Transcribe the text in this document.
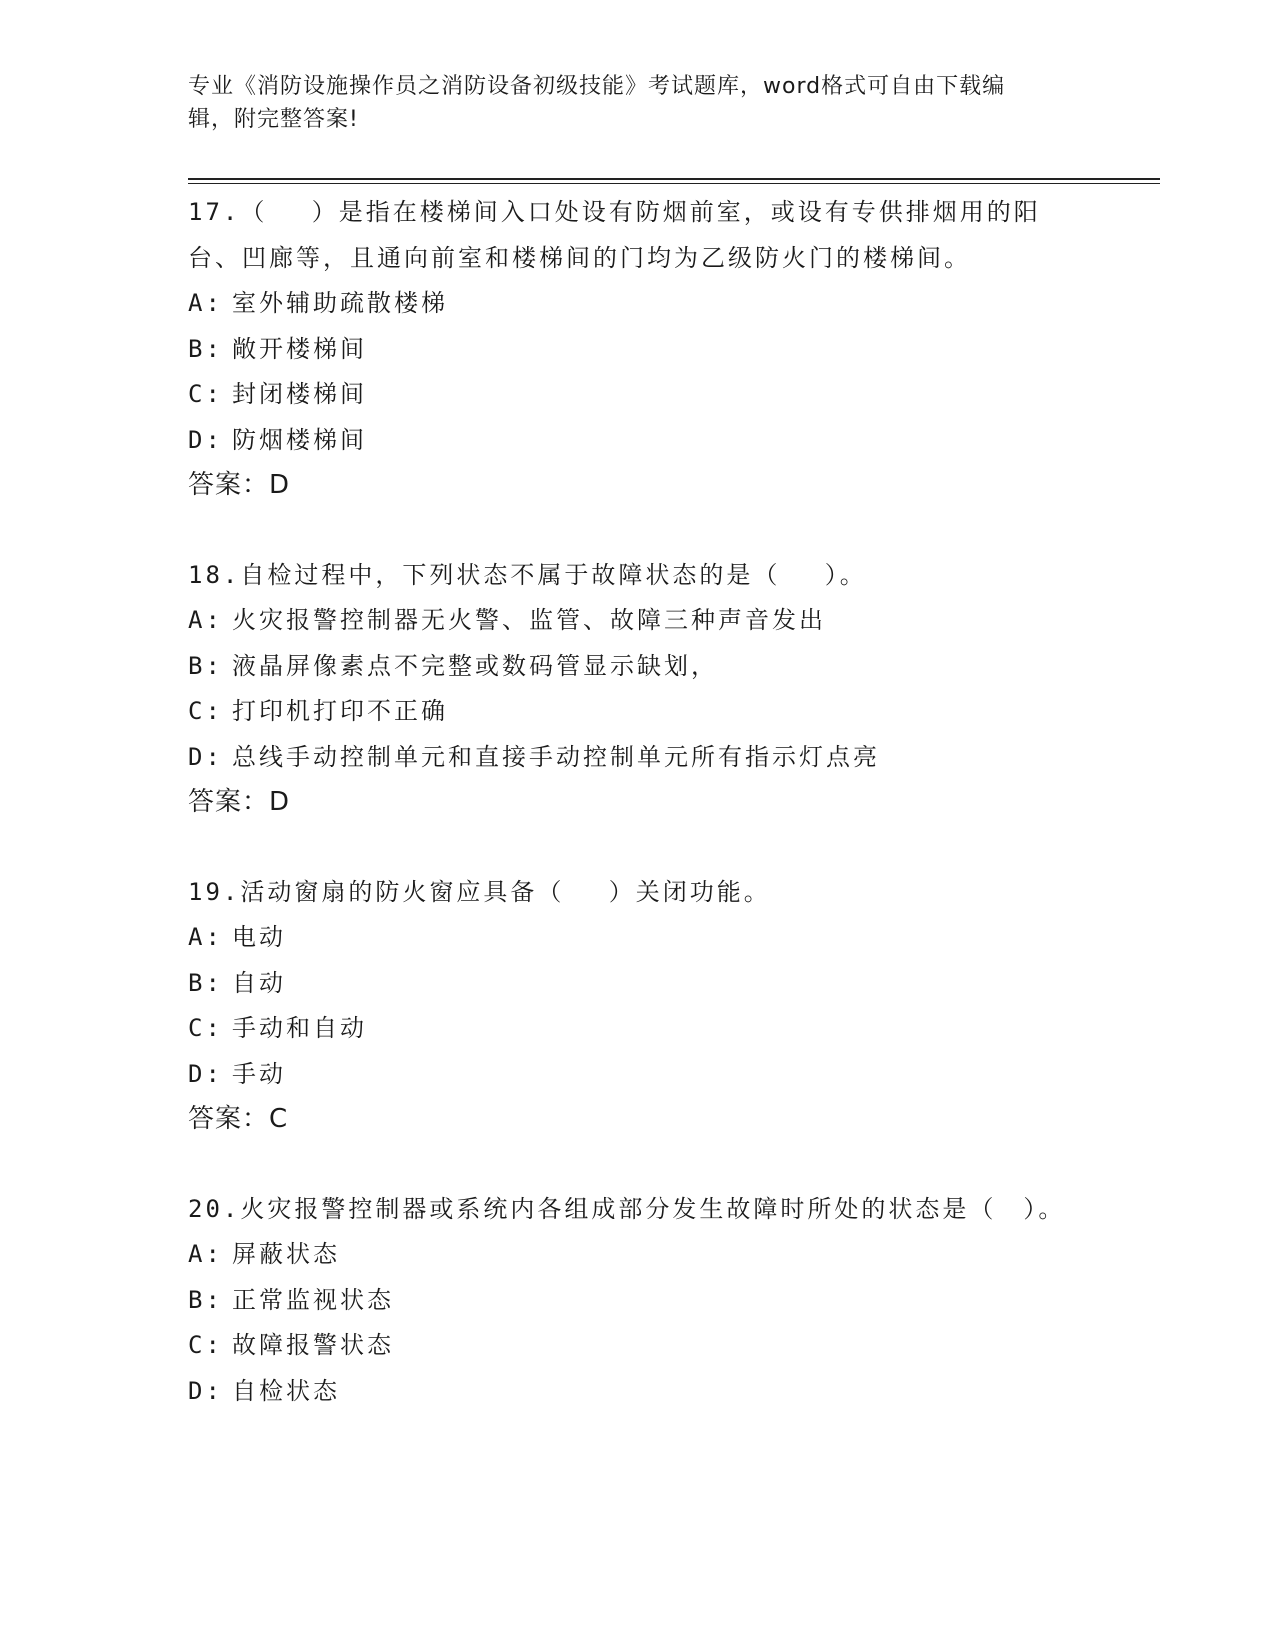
专业《消防设施操作员之消防设备初级技能》考试题库，word格式可自由下载编
辑，附完整答案!

17.（　 ）是指在楼梯间入口处设有防烟前室，或设有专供排烟用的阳台、凹廊等，且通向前室和楼梯间的门均为乙级防火门的楼梯间。

A: 室外辅助疏散楼梯
B: 敞开楼梯间
C: 封闭楼梯间
D: 防烟楼梯间
答案：D

18.自检过程中，下列状态不属于故障状态的是（　 ）。

A: 火灾报警控制器无火警、监管、故障三种声音发出
B: 液晶屏像素点不完整或数码管显示缺划，
C: 打印机打印不正确
D: 总线手动控制单元和直接手动控制单元所有指示灯点亮
答案：D

19.活动窗扇的防火窗应具备（　 ）关闭功能。

A: 电动
B: 自动
C: 手动和自动
D: 手动
答案：C

20.火灾报警控制器或系统内各组成部分发生故障时所处的状态是（　）。

A: 屏蔽状态
B: 正常监视状态
C: 故障报警状态
D: 自检状态
